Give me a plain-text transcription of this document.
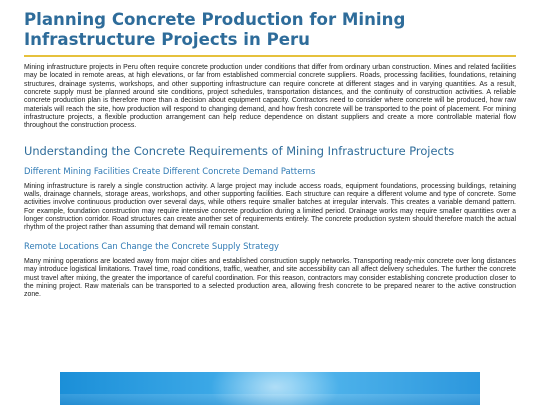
Planning Concrete Production for Mining Infrastructure Projects in Peru

Mining infrastructure projects in Peru often require concrete production under conditions that differ from ordinary urban construction. Mines and related facilities may be located in remote areas, at high elevations, or far from established commercial concrete suppliers. Roads, processing facilities, foundations, retaining structures, drainage systems, workshops, and other supporting infrastructure can require concrete at different stages and in varying quantities. As a result, concrete supply must be planned around site conditions, project schedules, transportation distances, and the continuity of construction activities. A reliable concrete production plan is therefore more than a decision about equipment capacity. Contractors need to consider where concrete will be produced, how raw materials will reach the site, how production will respond to changing demand, and how fresh concrete will be transported to the point of placement. For mining infrastructure projects, a flexible production arrangement can help reduce dependence on distant suppliers and create a more controllable material flow throughout the construction process.

Understanding the Concrete Requirements of Mining Infrastructure Projects
Different Mining Facilities Create Different Concrete Demand Patterns

Mining infrastructure is rarely a single construction activity. A large project may include access roads, equipment foundations, processing buildings, retaining walls, drainage channels, storage areas, workshops, and other supporting facilities. Each structure can require a different volume and type of concrete. Some activities involve continuous production over several days, while others require smaller batches at irregular intervals. This creates a variable demand pattern. For example, foundation construction may require intensive concrete production during a limited period. Drainage works may require smaller quantities over a longer construction corridor. Road structures can create another set of requirements entirely. The concrete production system should therefore match the actual rhythm of the project rather than assuming that demand will remain constant.

Remote Locations Can Change the Concrete Supply Strategy

Many mining operations are located away from major cities and established construction supply networks. Transporting ready-mix concrete over long distances may introduce logistical limitations. Travel time, road conditions, traffic, weather, and site accessibility can all affect delivery schedules. The further the concrete must travel after mixing, the greater the importance of careful coordination. For this reason, contractors may consider establishing concrete production closer to the mining project. Raw materials can be transported to a selected production area, allowing fresh concrete to be prepared nearer to the active construction zone.
